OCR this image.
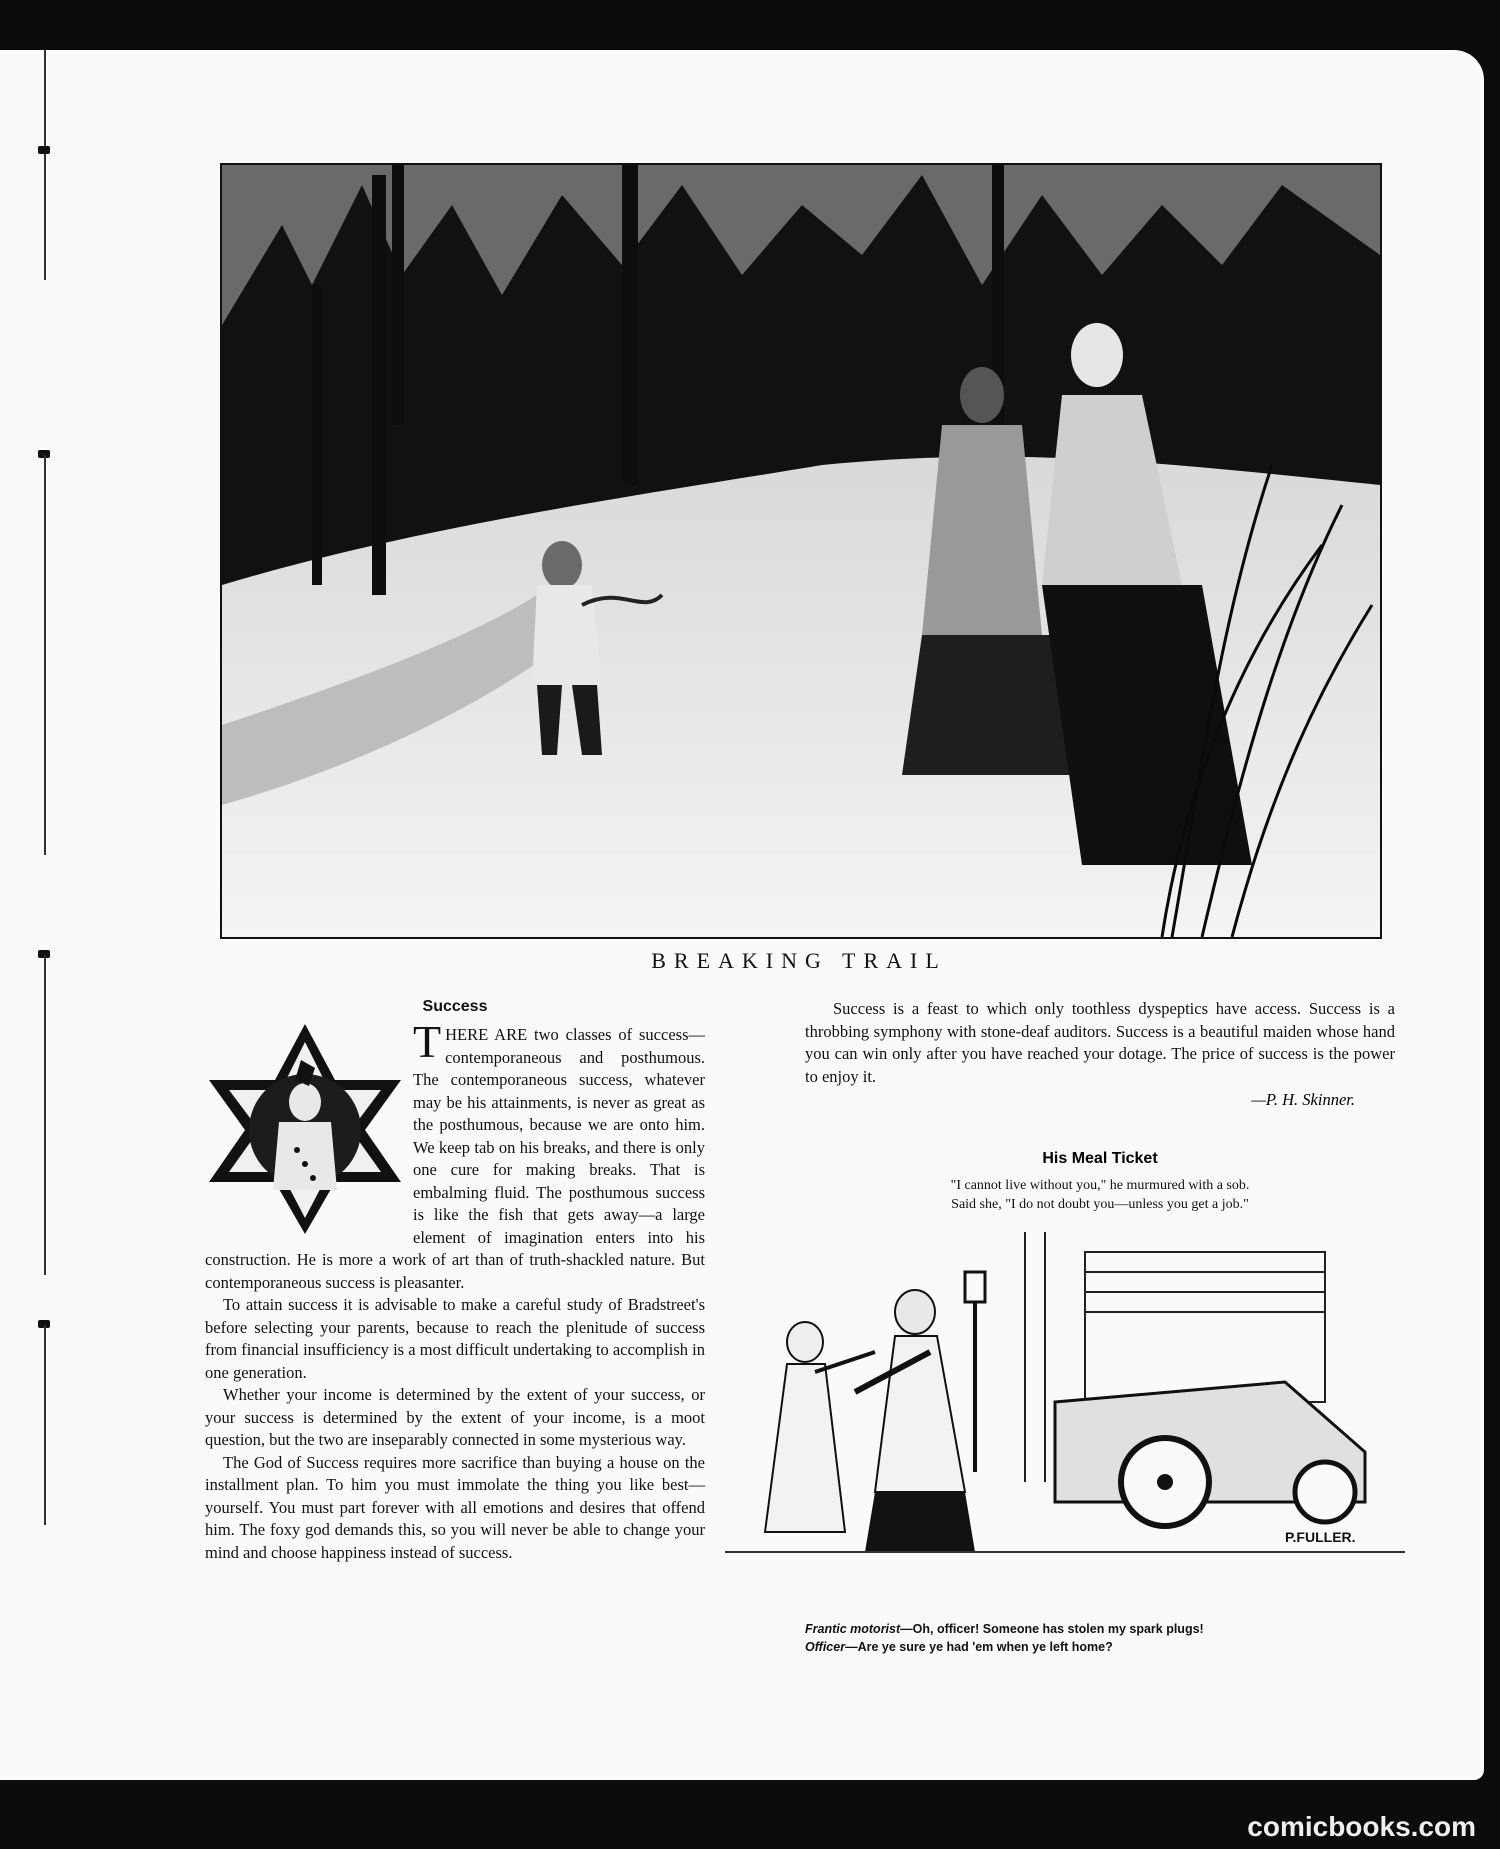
BREAKING TRAIL
Success

THERE ARE two classes of success—contemporaneous and posthumous. The contemporaneous success, whatever may be his attainments, is never as great as the posthumous, because we are onto him. We keep tab on his breaks, and there is only one cure for making breaks. That is embalming fluid. The posthumous success is like the fish that gets away—a large element of imagination enters into his construction. He is more a work of art than of truth-shackled nature. But contemporaneous success is pleasanter.

To attain success it is advisable to make a careful study of Bradstreet's before selecting your parents, because to reach the plenitude of success from financial insufficiency is a most difficult undertaking to accomplish in one generation.

Whether your income is determined by the extent of your success, or your success is determined by the extent of your income, is a moot question, but the two are inseparably connected in some mysterious way.

The God of Success requires more sacrifice than buying a house on the installment plan. To him you must immolate the thing you like best—yourself. You must part forever with all emotions and desires that offend him. The foxy god demands this, so you will never be able to change your mind and choose happiness instead of success.

Success is a feast to which only toothless dyspeptics have access. Success is a throbbing symphony with stone-deaf auditors. Success is a beautiful maiden whose hand you can win only after you have reached your dotage. The price of success is the power to enjoy it.
—P. H. Skinner.
His Meal Ticket
"I cannot live without you," he murmured with a sob.
Said she, "I do not doubt you—unless you get a job."
P.FULLER.
Frantic motorist—Oh, officer! Someone has stolen my spark plugs!
Officer—Are ye sure ye had 'em when ye left home?
comicbooks.com
